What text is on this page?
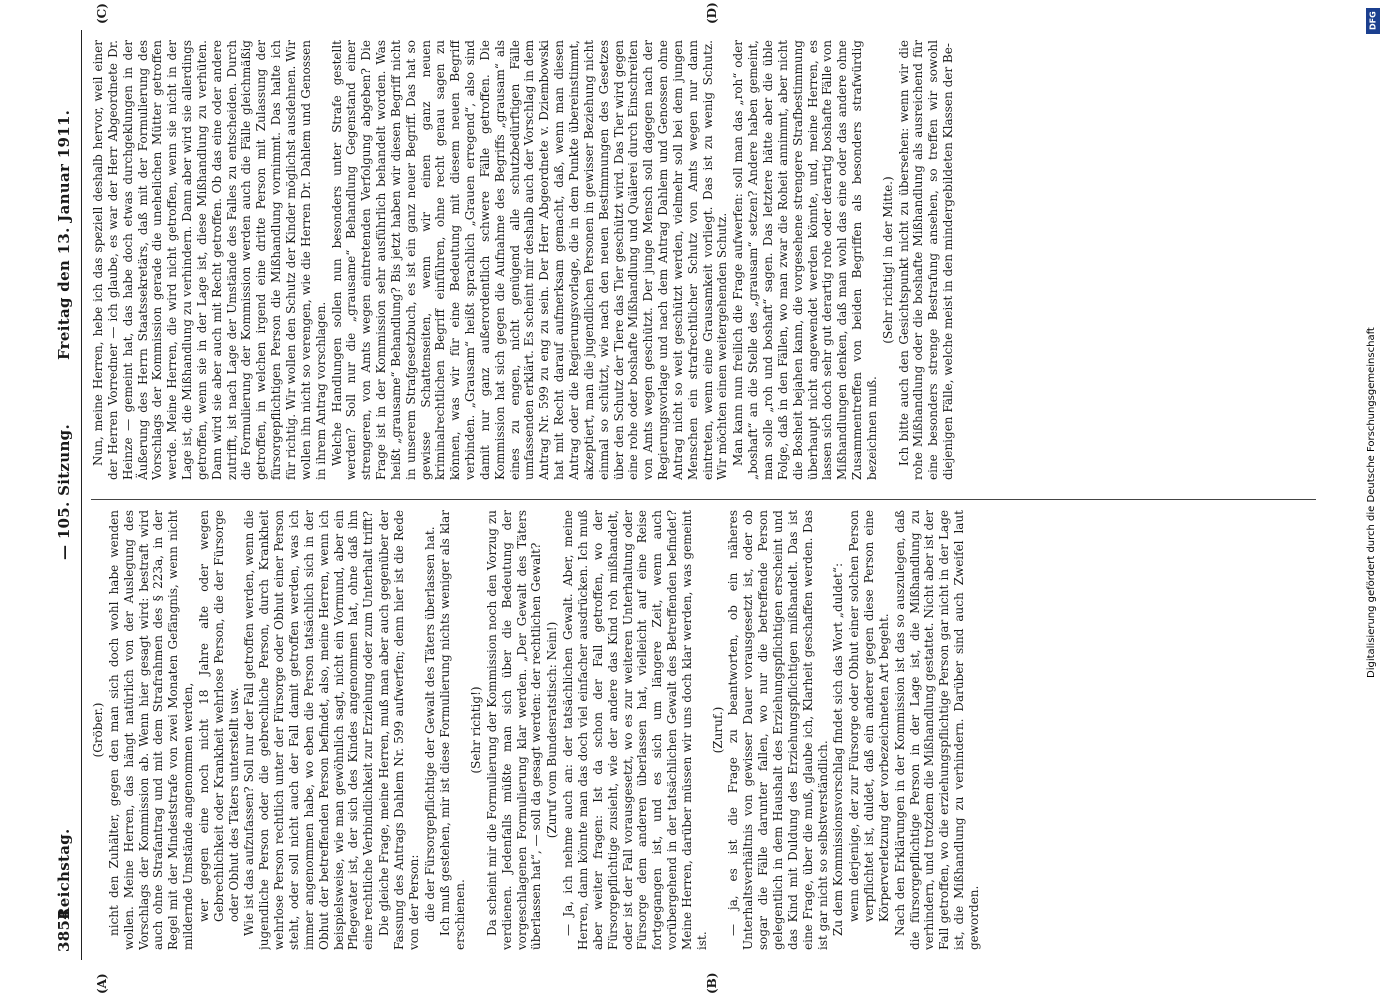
3854
Reichstag.
— 105. Sitzung.
Freitag den 13. Januar 1911.

(Gröber.) nicht den Zuhälter, gegen den man sich doch wohl habe wenden wollen. Meine Herren, das hängt natürlich von der Auslegung des Vorschlags der Kommission ab. Wenn hier gesagt wird: bestraft wird auch ohne Strafantrag und mit dem Strafrahmen des § 223a, in der Regel mit der Mindeststrafe von zwei Monaten Gefängnis, wenn nicht mildernde Umstände angenommen werden, wer gegen eine noch nicht 18 Jahre alte oder wegen Gebrechlichkeit oder Krankheit wehrlose Person, die der Fürsorge oder Obhut des Täters unterstellt usw. Wie ist das aufzufassen? Soll nur der Fall getroffen werden, wenn die jugendliche Person oder die gebrechliche Person, durch Krankheit wehrlose Person rechtlich unter der Fürsorge oder Obhut einer Person steht, oder soll nicht auch der Fall damit getroffen werden, was ich immer angenommen habe, wo eben die Person tatsächlich sich in der Obhut der betreffenden Person befindet, also, meine Herren, wenn ich beispielsweise, wie man gewöhnlich sagt, nicht ein Vormund, aber ein Pflegevater ist, der sich des Kindes angenommen hat, ohne daß ihn eine rechtliche Verbindlichkeit zur Erziehung oder zum Unterhalt trifft? Die gleiche Frage, meine Herren, muß man aber auch gegenüber der Fassung des Antrags Dahlem Nr. 599 aufwerfen; denn hier ist die Rede von der Person: die der Fürsorgepflichtige der Gewalt des Täters überlassen hat. Ich muß gestehen, mir ist diese Formulierung nichts weniger als klar erschienen.

(Sehr richtig!) Da scheint mir die Formulierung der Kommission noch den Vorzug zu verdienen. Jedenfalls müßte man sich über die Bedeutung der vorgeschlagenen Formulierung klar werden. „Der Gewalt des Täters überlassen hat“, — soll da gesagt werden: der rechtlichen Gewalt? (Zuruf vom Bundesratstisch: Nein!) — Ja, ich nehme auch an: der tatsächlichen Gewalt. Aber, meine Herren, dann könnte man das doch viel einfacher ausdrücken. Ich muß aber weiter fragen: Ist da schon der Fall getroffen, wo der Fürsorgepflichtige zusieht, wie der andere das Kind roh mißhandelt, oder ist der Fall vorausgesetzt, wo es zur weiteren Unterhaltung oder Fürsorge dem anderen überlassen hat, vielleicht auf eine Reise fortgegangen ist, und es sich um längere Zeit, wenn auch vorübergehend in der tatsächlichen Gewalt des Betreffenden befindet? Meine Herren, darüber müssen wir uns doch klar werden, was gemeint ist.

(Zuruf.) — ja, es ist die Frage zu beantworten, ob ein näheres Unterhaltsverhältnis von gewisser Dauer vorausgesetzt ist, oder ob sogar die Fälle darunter fallen, wo nur die betreffende Person gelegentlich in dem Haushalt des Erziehungspflichtigen erscheint und das Kind mit Duldung des Erziehungspflichtigen mißhandelt. Das ist eine Frage, über die muß, glaube ich, Klarheit geschaffen werden. Das ist gar nicht so selbstverständlich. Zu dem Kommissionsvorschlag findet sich das Wort „duldet“: wenn derjenige, der zur Fürsorge oder Obhut einer solchen Person verpflichtet ist, duldet, daß ein anderer gegen diese Person eine Körperverletzung der vorbezeichneten Art begeht. Nach den Erklärungen in der Kommission ist das so auszulegen, daß die fürsorgepflichtige Person in der Lage ist, die Mißhandlung zu verhindern, und trotzdem die Mißhandlung gestattet. Nicht aber ist der Fall getroffen, wo die erziehungspflichtige Person gar nicht in der Lage ist, die Mißhandlung zu verhindern. Darüber sind auch Zweifel laut geworden.

Nun, meine Herren, hebe ich das speziell deshalb hervor, weil einer der Herren Vorredner — ich glaube, es war der Herr Abgeordnete Dr. Heinze — gemeint hat, das habe doch etwas durchgeklungen in der Äußerung des Herrn Staatssekretärs, daß mit der Formulierung des Vorschlags der Kommission gerade die unehelichen Mütter getroffen werde. Meine Herren, die wird nicht getroffen, wenn sie nicht in der Lage ist, die Mißhandlung zu verhindern. Dann aber wird sie allerdings getroffen, wenn sie in der Lage ist, diese Mißhandlung zu verhüten. Dann wird sie aber auch mit Recht getroffen. Ob das eine oder andere zutrifft, ist nach Lage der Umstände des Falles zu entscheiden. Durch die Formulierung der Kommission werden auch die Fälle gleichmäßig getroffen, in welchen irgend eine dritte Person mit Zulassung der fürsorgepflichtigen Person die Mißhandlung vornimmt. Das halte ich für richtig. Wir wollen den Schutz der Kinder möglichst ausdehnen. Wir wollen ihn nicht so verengen, wie die Herren Dr. Dahlem und Genossen in ihrem Antrag vorschlagen. Welche Handlungen sollen nun besonders unter Strafe gestellt werden? Soll nur die „grausame“ Behandlung Gegenstand einer strengeren, von Amts wegen eintretenden Verfolgung abgeben? Die Frage ist in der Kommission sehr ausführlich behandelt worden. Was heißt „grausame“ Behandlung? Bis jetzt haben wir diesen Begriff nicht in unserem Strafgesetzbuch, es ist ein ganz neuer Begriff. Das hat so gewisse Schattenseiten, wenn wir einen ganz neuen kriminalrechtlichen Begriff einführen, ohne recht genau sagen zu können, was wir für eine Bedeutung mit diesem neuen Begriff verbinden. „Grausam“ heißt sprachlich „Grauen erregend“, also sind damit nur ganz außerordentlich schwere Fälle getroffen. Die Kommission hat sich gegen die Aufnahme des Begriffs „grausam“ als eines zu engen, nicht genügend alle schutzbedürftigen Fälle umfassenden erklärt. Es scheint mir deshalb auch der Vorschlag in dem Antrag Nr. 599 zu eng zu sein. Der Herr Abgeordnete v. Dziembowski hat mit Recht darauf aufmerksam gemacht, daß, wenn man diesen Antrag oder die Regierungsvorlage, die in dem Punkte übereinstimmt, akzeptiert, man die jugendlichen Personen in gewisser Beziehung nicht einmal so schützt, wie nach den neuen Bestimmungen des Gesetzes über den Schutz der Tiere das Tier geschützt wird. Das Tier wird gegen eine rohe oder boshafte Mißhandlung und Quälerei durch Einschreiten von Amts wegen geschützt. Der junge Mensch soll dagegen nach der Regierungsvorlage und nach dem Antrag Dahlem und Genossen ohne Antrag nicht so weit geschützt werden, vielmehr soll bei dem jungen Menschen ein strafrechtlicher Schutz von Amts wegen nur dann eintreten, wenn eine Grausamkeit vorliegt. Das ist zu wenig Schutz. Wir möchten einen weitergehenden Schutz. Man kann nun freilich die Frage aufwerfen: soll man das „roh“ oder „boshaft“ an die Stelle des „grausam“ setzen? Andere haben gemeint, man solle „roh und boshaft“ sagen. Das letztere hätte aber die üble Folge, daß in den Fällen, wo man zwar die Roheit annimmt, aber nicht die Bosheit bejahen kann, die vorgesehene strengere Strafbestimmung überhaupt nicht angewendet werden könnte, und, meine Herren, es lassen sich doch sehr gut derartig rohe oder derartig boshafte Fälle von Mißhandlungen denken, daß man wohl das eine oder das andere ohne Zusammentreffen von beiden Begriffen als besonders strafwürdig bezeichnen muß.

(Sehr richtig! in der Mitte.) Ich bitte auch den Gesichtspunkt nicht zu übersehen: wenn wir die rohe Mißhandlung oder die boshafte Mißhandlung als ausreichend für eine besonders strenge Bestrafung ansehen, so treffen wir sowohl diejenigen Fälle, welche meist in den mindergebildeten Klassen der Be-

(A)	(B)
(C)	(D)	DFG
Digitalisierung gefördert durch die Deutsche Forschungsgemeinschaft
